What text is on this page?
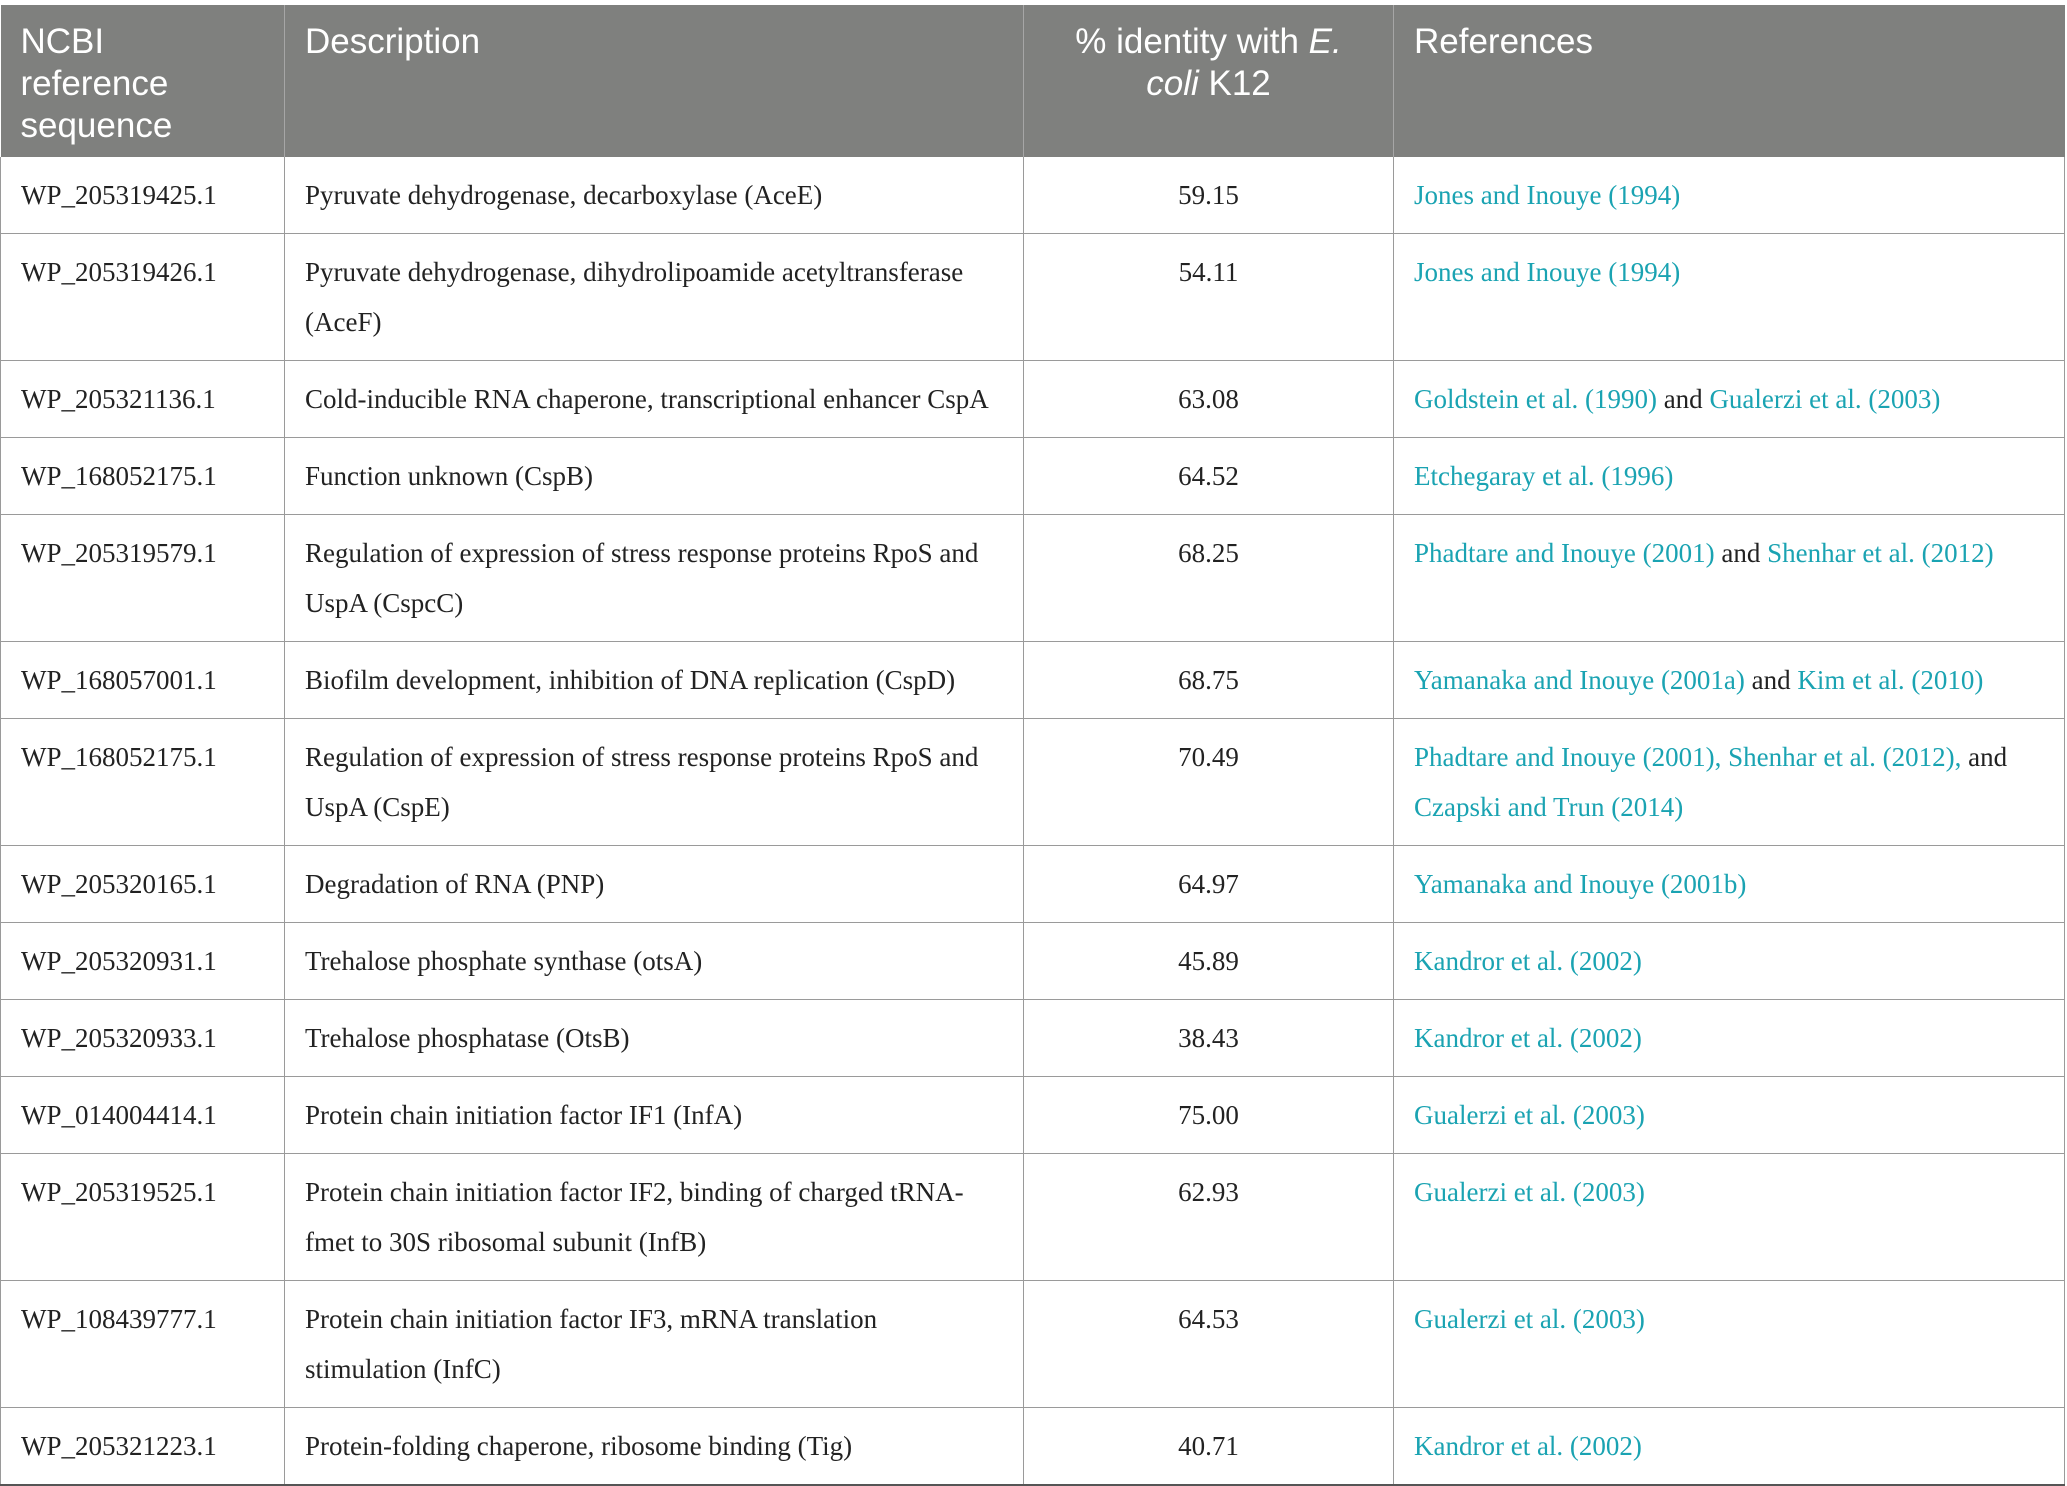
NCBI reference sequence	Description	% identity with E. coli K12	References
WP_205319425.1	Pyruvate dehydrogenase, decarboxylase (AceE)	59.15	Jones and Inouye (1994)
WP_205319426.1	Pyruvate dehydrogenase, dihydrolipoamide acetyltransferase (AceF)	54.11	Jones and Inouye (1994)
WP_205321136.1	Cold-inducible RNA chaperone, transcriptional enhancer CspA	63.08	Goldstein et al. (1990) and Gualerzi et al. (2003)
WP_168052175.1	Function unknown (CspB)	64.52	Etchegaray et al. (1996)
WP_205319579.1	Regulation of expression of stress response proteins RpoS and UspA (CspcC)	68.25	Phadtare and Inouye (2001) and Shenhar et al. (2012)
WP_168057001.1	Biofilm development, inhibition of DNA replication (CspD)	68.75	Yamanaka and Inouye (2001a) and Kim et al. (2010)
WP_168052175.1	Regulation of expression of stress response proteins RpoS and UspA (CspE)	70.49	Phadtare and Inouye (2001), Shenhar et al. (2012), and Czapski and Trun (2014)
WP_205320165.1	Degradation of RNA (PNP)	64.97	Yamanaka and Inouye (2001b)
WP_205320931.1	Trehalose phosphate synthase (otsA)	45.89	Kandror et al. (2002)
WP_205320933.1	Trehalose phosphatase (OtsB)	38.43	Kandror et al. (2002)
WP_014004414.1	Protein chain initiation factor IF1 (InfA)	75.00	Gualerzi et al. (2003)
WP_205319525.1	Protein chain initiation factor IF2, binding of charged tRNA-fmet to 30S ribosomal subunit (InfB)	62.93	Gualerzi et al. (2003)
WP_108439777.1	Protein chain initiation factor IF3, mRNA translation stimulation (InfC)	64.53	Gualerzi et al. (2003)
WP_205321223.1	Protein-folding chaperone, ribosome binding (Tig)	40.71	Kandror et al. (2002)
